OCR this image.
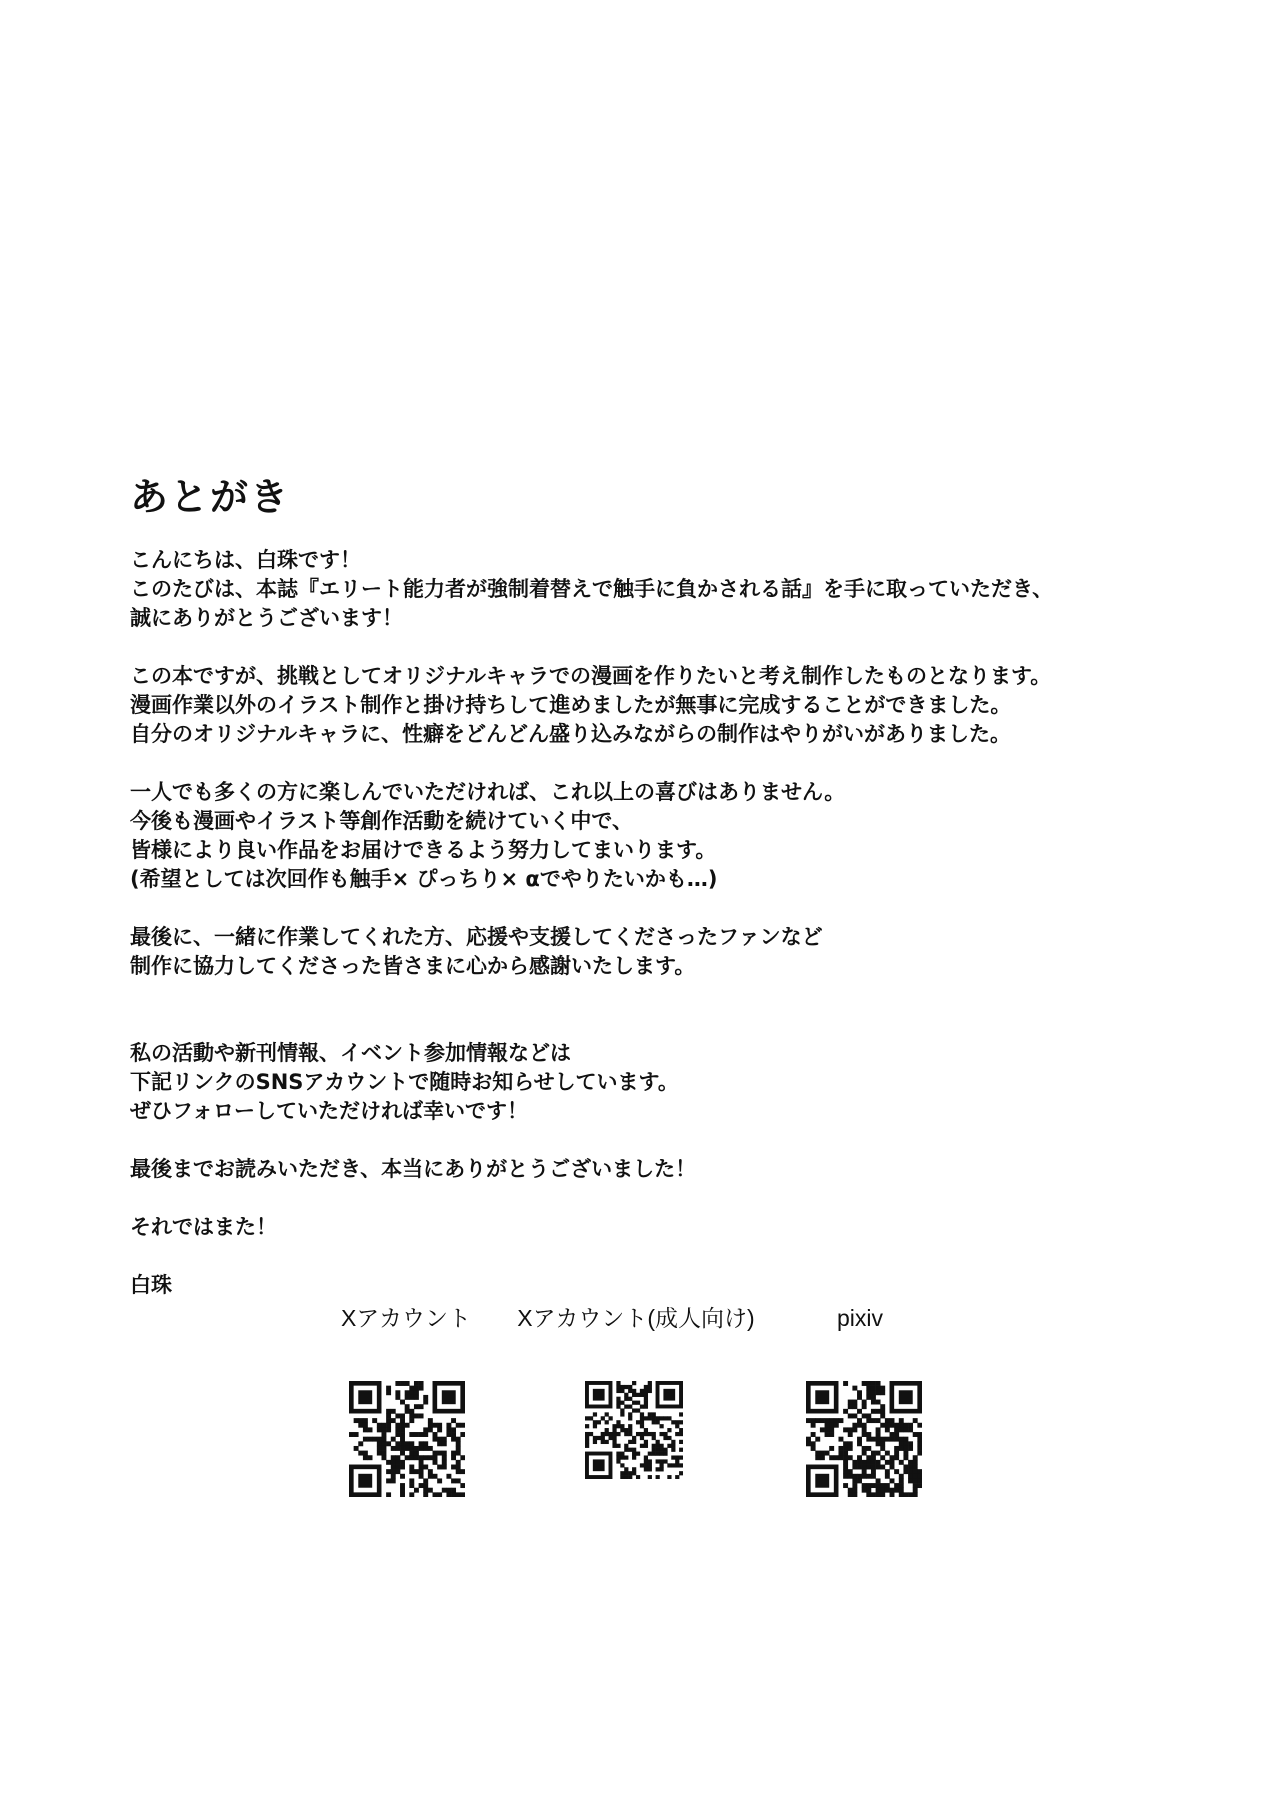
あとがき

こんにちは、白珠です！
このたびは、本誌『エリート能力者が強制着替えで触手に負かされる話』を手に取っていただき、
誠にありがとうございます！

この本ですが、挑戦としてオリジナルキャラでの漫画を作りたいと考え制作したものとなります。
漫画作業以外のイラスト制作と掛け持ちして進めましたが無事に完成することができました。
自分のオリジナルキャラに、性癖をどんどん盛り込みながらの制作はやりがいがありました。

一人でも多くの方に楽しんでいただければ、これ以上の喜びはありません。
今後も漫画やイラスト等創作活動を続けていく中で、
皆様により良い作品をお届けできるよう努力してまいります。
(希望としては次回作も触手× ぴっちり× αでやりたいかも…)

最後に、一緒に作業してくれた方、応援や支援してくださったファンなど
制作に協力してくださった皆さまに心から感謝いたします。

私の活動や新刊情報、イベント参加情報などは
下記リンクのSNSアカウントで随時お知らせしています。
ぜひフォローしていただければ幸いです！

最後までお読みいただき、本当にありがとうございました！

それではまた！

白珠

Xアカウント	Xアカウント(成人向け)	pixiv
